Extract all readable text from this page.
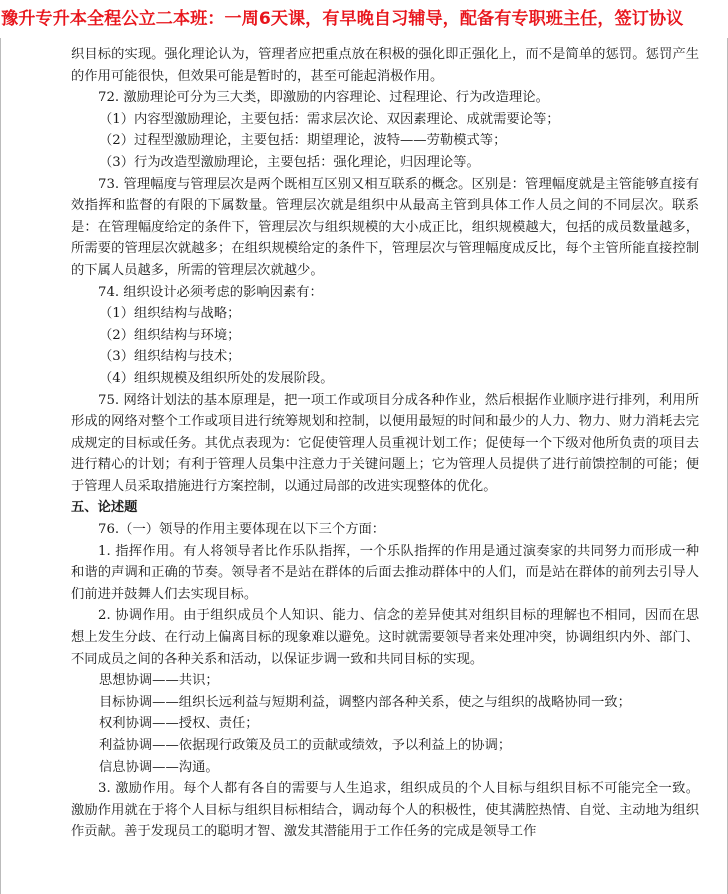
豫升专升本全程公立二本班：一周6天课，有早晚自习辅导，配备有专职班主任，签订协议

织目标的实现。强化理论认为，管理者应把重点放在积极的强化即正强化上，而不是简单的惩罚。惩罚产生的作用可能很快，但效果可能是暂时的，甚至可能起消极作用。

72. 激励理论可分为三大类，即激励的内容理论、过程理论、行为改造理论。

（1）内容型激励理论，主要包括：需求层次论、双因素理论、成就需要论等；

（2）过程型激励理论，主要包括：期望理论，波特——劳勒模式等；

（3）行为改造型激励理论，主要包括：强化理论，归因理论等。

73. 管理幅度与管理层次是两个既相互区别又相互联系的概念。区别是：管理幅度就是主管能够直接有效指挥和监督的有限的下属数量。管理层次就是组织中从最高主管到具体工作人员之间的不同层次。联系是：在管理幅度给定的条件下，管理层次与组织规模的大小成正比，组织规模越大，包括的成员数量越多，所需要的管理层次就越多；在组织规模给定的条件下，管理层次与管理幅度成反比，每个主管所能直接控制的下属人员越多，所需的管理层次就越少。

74. 组织设计必须考虑的影响因素有：

（1）组织结构与战略；

（2）组织结构与环境；

（3）组织结构与技术；

（4）组织规模及组织所处的发展阶段。

75. 网络计划法的基本原理是，把一项工作或项目分成各种作业，然后根据作业顺序进行排列，利用所形成的网络对整个工作或项目进行统筹规划和控制，以便用最短的时间和最少的人力、物力、财力消耗去完成规定的目标或任务。其优点表现为：它促使管理人员重视计划工作；促使每一个下级对他所负责的项目去进行精心的计划；有利于管理人员集中注意力于关键问题上；它为管理人员提供了进行前馈控制的可能；便于管理人员采取措施进行方案控制，以通过局部的改进实现整体的优化。

五、论述题

76.（一）领导的作用主要体现在以下三个方面：

1. 指挥作用。有人将领导者比作乐队指挥，一个乐队指挥的作用是通过演奏家的共同努力而形成一种和谐的声调和正确的节奏。领导者不是站在群体的后面去推动群体中的人们，而是站在群体的前列去引导人们前进并鼓舞人们去实现目标。

2. 协调作用。由于组织成员个人知识、能力、信念的差异使其对组织目标的理解也不相同，因而在思想上发生分歧、在行动上偏离目标的现象难以避免。这时就需要领导者来处理冲突，协调组织内外、部门、不同成员之间的各种关系和活动，以保证步调一致和共同目标的实现。

思想协调——共识；

目标协调——组织长远利益与短期利益，调整内部各种关系，使之与组织的战略协同一致；

权利协调——授权、责任；

利益协调——依据现行政策及员工的贡献或绩效，予以利益上的协调；

信息协调——沟通。

3. 激励作用。每个人都有各自的需要与人生追求，组织成员的个人目标与组织目标不可能完全一致。激励作用就在于将个人目标与组织目标相结合，调动每个人的积极性，使其满腔热情、自觉、主动地为组织作贡献。善于发现员工的聪明才智、激发其潜能用于工作任务的完成是领导工作
